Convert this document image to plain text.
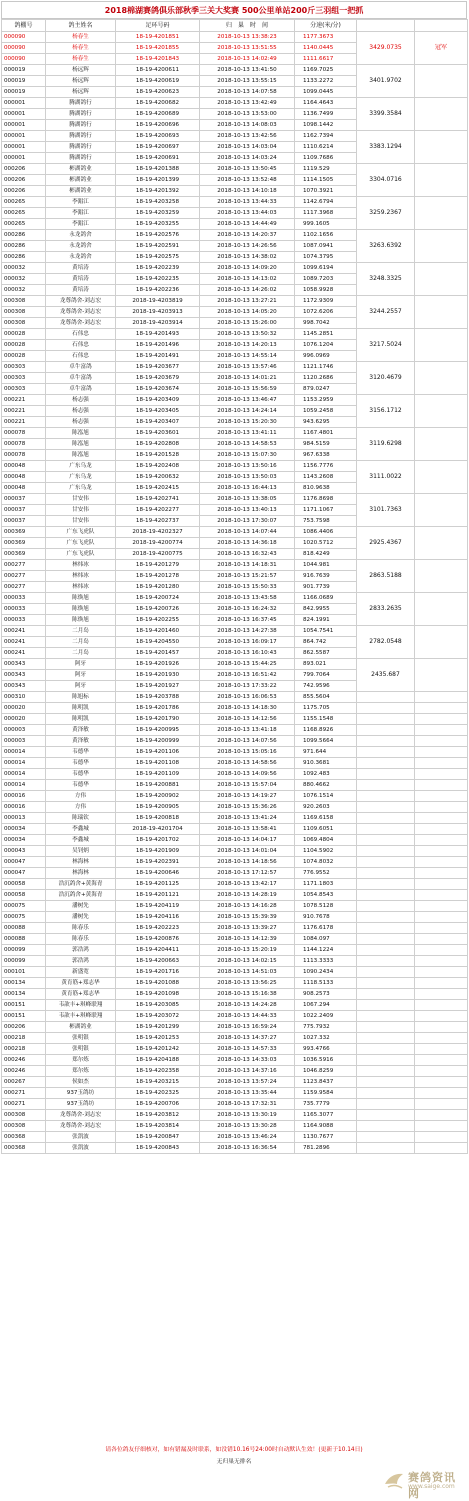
2018棉湖赛鸽俱乐部秋季三关大奖赛 500公里单站200斤三羽组一把抓
鸽棚号	鸽主姓名	足环号码	归　巢　时　间	分速(米/分)		
000090	杨春生	18-19-4201851	2018-10-13 13:38:23	1177.3673	3429.0735	冠军
000090	杨春生	18-19-4201855	2018-10-13 13:51:55	1140.0445		
000090	杨春生	18-19-4201843	2018-10-13 14:02:49	1111.6617		
000019	杨远辉	18-19-4200611	2018-10-13 13:41:50	1169.7025	3401.9702	
000019	杨远辉	18-19-4200619	2018-10-13 13:55:15	1133.2272		
000019	杨远辉	18-19-4200623	2018-10-13 14:07:58	1099.0445		
000001	腾湖鸽行	18-19-4200682	2018-10-13 13:42:49	1164.4643	3399.3584	
000001	腾湖鸽行	18-19-4200689	2018-10-13 13:53:00	1136.7499		
000001	腾湖鸽行	18-19-4200696	2018-10-13 14:08:03	1098.1442		
000001	腾湖鸽行	18-19-4200693	2018-10-13 13:42:56	1162.7394	3383.1294	
000001	腾湖鸽行	18-19-4200697	2018-10-13 14:03:04	1110.6214		
000001	腾湖鸽行	18-19-4200691	2018-10-13 14:03:24	1109.7686		
000206	彬湖鸽业	18-19-4201388	2018-10-13 13:50:45	1119.529	3304.0716	
000206	彬湖鸽业	18-19-4201399	2018-10-13 13:52:48	1114.1505		
000206	彬湖鸽业	18-19-4201392	2018-10-13 14:10:18	1070.3921		
000265	李錩江	18-19-4203258	2018-10-13 13:44:33	1142.6794	3259.2367	
000265	李錩江	18-19-4203259	2018-10-13 13:44:03	1117.3968		
000265	李錩江	18-19-4203255	2018-10-13 14:44:49	999.1605		
000286	永龙鸽舍	18-19-4202576	2018-10-13 14:20:37	1102.1656	3263.6392	
000286	永龙鸽舍	18-19-4202591	2018-10-13 14:26:56	1087.0941		
000286	永龙鸽舍	18-19-4202575	2018-10-13 14:38:02	1074.3795		
000032	黄培涛	18-19-4202239	2018-10-13 14:09:20	1099.6194	3248.3325	
000032	黄培涛	18-19-4202235	2018-10-13 14:13:02	1089.7203		
000032	黄培涛	18-19-4202236	2018-10-13 14:26:02	1058.9928		
000308	龙尊鸽舍-刘志宏	2018-19-4203819	2018-10-13 13:27:21	1172.9309	3244.2557	
000308	龙尊鸽舍-刘志宏	2018-19-4203913	2018-10-13 14:05:20	1072.6206		
000308	龙尊鸽舍-刘志宏	2018-19-4203914	2018-10-13 15:26:00	998.7042		
000028	石伟忠	18-19-4201493	2018-10-13 13:50:32	1145.2851	3217.5024	
000028	石伟忠	18-19-4201496	2018-10-13 14:20:13	1076.1204		
000028	石伟忠	18-19-4201491	2018-10-13 14:55:14	996.0969		
000303	卓牛富鸽	18-19-4203677	2018-10-13 13:57:46	1121.1746	3120.4679	
000303	卓牛富鸽	18-19-4203679	2018-10-13 14:01:21	1120.2686		
000303	卓牛富鸽	18-19-4203674	2018-10-13 15:56:59	879.0247		
000221	杨志强	18-19-4203409	2018-10-13 13:46:47	1153.2959	3156.1712	
000221	杨志强	18-19-4203405	2018-10-13 14:24:14	1059.2458		
000221	杨志强	18-19-4203407	2018-10-13 15:20:30	943.6295		
000078	陈泓旭	18-19-4203601	2018-10-13 13:41:11	1167.4801	3119.6298	
000078	陈泓旭	18-19-4202808	2018-10-13 14:58:53	984.5159		
000078	陈泓旭	18-19-4201528	2018-10-13 15:07:30	967.6338		
000048	广东乌龙	18-19-4202408	2018-10-13 13:50:16	1156.7776	3111.0022	
000048	广东乌龙	18-19-4200632	2018-10-13 13:50:03	1143.2608		
000048	广东乌龙	18-19-4202415	2018-10-13 16:44:13	810.9638		
000037	甘安伟	18-19-4202741	2018-10-13 13:38:05	1176.8698	3101.7363	
000037	甘安伟	18-19-4202277	2018-10-13 13:40:13	1171.1067		
000037	甘安伟	18-19-4202737	2018-10-13 17:30:07	753.7598		
000369	广东飞虎队	2018-19-4202327	2018-10-13 14:07:44	1086.4406	2925.4367	
000369	广东飞虎队	2018-19-4200774	2018-10-13 14:36:18	1020.5712		
000369	广东飞虎队	2018-19-4200775	2018-10-13 16:32:43	818.4249		
000277	林炜冰	18-19-4201279	2018-10-13 14:18:31	1044.981	2863.5188	
000277	林炜冰	18-19-4201278	2018-10-13 15:21:57	916.7639		
000277	林炜冰	18-19-4201280	2018-10-13 15:50:33	901.7739		
000033	陈焕旭	18-19-4200724	2018-10-13 13:43:58	1166.0689	2833.2635	
000033	陈焕旭	18-19-4200726	2018-10-13 16:24:32	842.9955		
000033	陈焕旭	18-19-4202255	2018-10-13 16:37:45	824.1991		
000241	二月岛	18-19-4201460	2018-10-13 14:27:38	1054.7541	2782.0548	
000241	二月岛	18-19-4204550	2018-10-13 16:09:17	864.742		
000241	二月岛	18-19-4201457	2018-10-13 16:10:43	862.5587		
000343	阿牙	18-19-4201926	2018-10-13 15:44:25	893.021	2435.687	
000343	阿牙	18-19-4201930	2018-10-13 16:51:42	799.7064		
000343	阿牙	18-19-4201927	2018-10-13 17:33:22	742.9596		
000310	陈旭标	18-19-4203788	2018-10-13 16:06:53	855.5604		
000020	陈明凯	18-19-4201786	2018-10-13 14:18:30	1175.705		
000020	陈明凯	18-19-4201790	2018-10-13 14:12:56	1155.1548		
000003	黄泽敏	18-19-4200995	2018-10-13 13:41:18	1168.8926		
000003	黄泽敏	18-19-4200999	2018-10-13 14:07:56	1099.5664		
000014	韦德华	18-19-4201106	2018-10-13 15:05:16	971.644		
000014	韦德华	18-19-4201108	2018-10-13 14:58:56	910.3681		
000014	韦德华	18-19-4201109	2018-10-13 14:09:56	1092.483		
000014	韦德华	18-19-4200881	2018-10-13 15:57:04	880.4662		
000016	方伟	18-19-4200902	2018-10-13 14:19:27	1076.1514		
000016	方伟	18-19-4200905	2018-10-13 15:36:26	920.2603		
000013	陈瑞钦	18-19-4200818	2018-10-13 13:41:24	1169.6158		
000034	李鑫城	2018-19-4201704	2018-10-13 13:58:41	1109.6051		
000034	李鑫城	18-19-4201702	2018-10-13 14:04:17	1069.4804		
000043	吴钊炳	18-19-4201909	2018-10-13 14:01:04	1104.5902		
000047	林海林	18-19-4202391	2018-10-13 14:18:56	1074.8032		
000047	林海林	18-19-4200646	2018-10-13 17:12:57	776.9552		
000058	浩沉鸽舍+黄海青	18-19-4201125	2018-10-13 13:42:17	1171.1803		
000058	浩沉鸽舍+黄海青	18-19-4201121	2018-10-13 14:28:19	1054.8543		
000075	潘树先	18-19-4204119	2018-10-13 14:16:28	1078.5128		
000075	潘树先	18-19-4204116	2018-10-13 15:39:39	910.7678		
000088	陈春乐	18-19-4202223	2018-10-13 13:39:27	1176.6178		
000088	陈春乐	18-19-4200876	2018-10-13 14:12:39	1084.097		
000099	郭浩鸿	18-19-4204411	2018-10-13 15:20:19	1144.1224		
000099	郭浩鸿	18-19-4200663	2018-10-13 14:02:15	1113.3333		
000101	新盛宽	18-19-4201716	2018-10-13 14:51:03	1090.2434		
000134	黄育筋+郑志华	18-19-4201088	2018-10-13 13:56:25	1118.5133		
000134	黄育筋+郑志华	18-19-4201098	2018-10-13 15:16:38	908.2573		
000151	韦歆丰+琪峰联翔	18-19-4203085	2018-10-13 14:24:28	1067.294		
000151	韦歆丰+琪峰联翔	18-19-4203072	2018-10-13 14:44:33	1022.2409		
000206	彬湖鸽业	18-19-4201299	2018-10-13 16:59:24	775.7932		
000218	张明银	18-19-4201253	2018-10-13 14:37:27	1027.332		
000218	张明银	18-19-4201242	2018-10-13 14:57:33	993.4766		
000246	郑尔炼	18-19-4204188	2018-10-13 14:33:03	1036.5916		
000246	郑尔炼	18-19-4202358	2018-10-13 14:37:16	1046.8259		
000267	侯如杰	18-19-4203215	2018-10-13 13:57:24	1123.8437		
000271	937玉鸽坊	18-19-4202325	2018-10-13 13:35:44	1159.9584		
000271	937玉鸽坊	18-19-4200706	2018-10-13 17:32:31	735.7779		
000308	龙尊鸽舍-刘志宏	18-19-4203812	2018-10-13 13:30:19	1165.3077		
000308	龙尊鸽舍-刘志宏	18-19-4203814	2018-10-13 13:30:28	1164.9088		
000368	张凯波	18-19-4200847	2018-10-13 13:46:24	1130.7677		
000368	张凯波	18-19-4200843	2018-10-13 16:36:54	781.2896		
请各位鸽友仔细核对，如有错漏及时联系，如没错10.16号24:00时自动默认生效！(更新于10.14日)
无归巢无排名
赛鸽资讯网
www.saige.com
